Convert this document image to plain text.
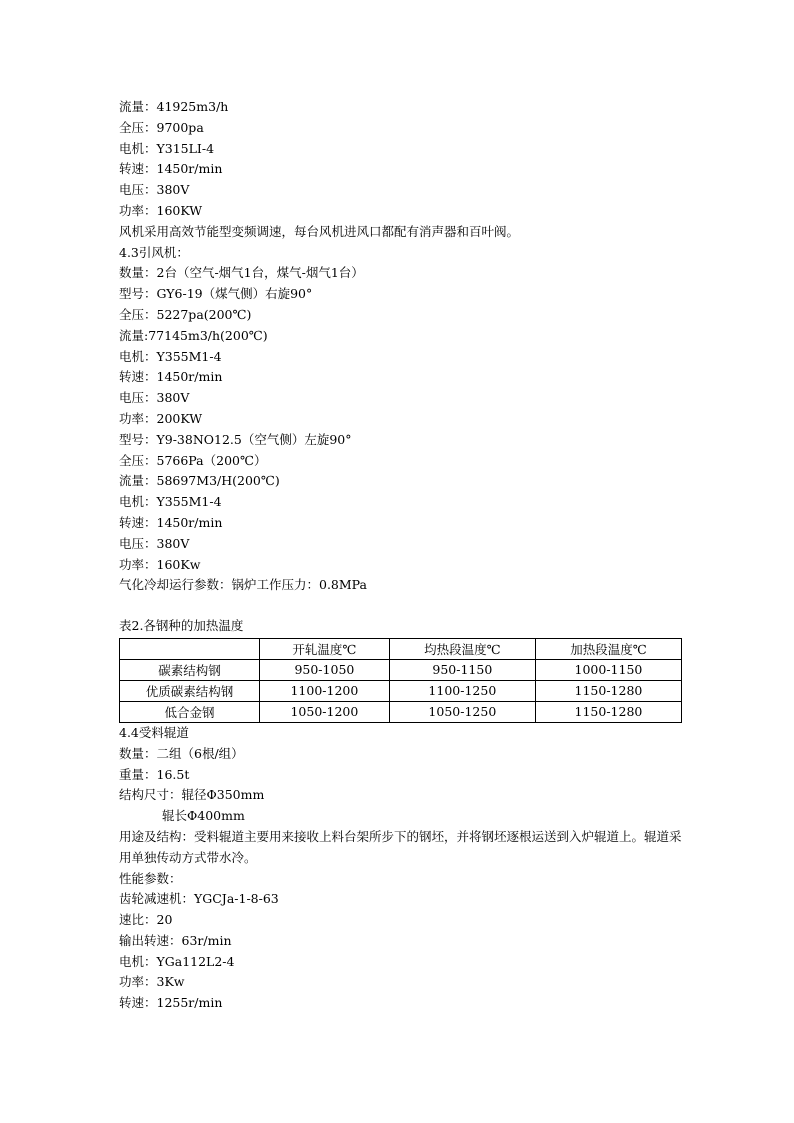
流量：41925m3/h
全压：9700pa
电机：Y315LI-4
转速：1450r/min
电压：380V
功率：160KW
风机采用高效节能型变频调速，每台风机进风口都配有消声器和百叶阀。
4.3引风机：
数量：2台（空气-烟气1台，煤气-烟气1台）
型号：GY6-19（煤气侧）右旋90°
全压：5227pa(200℃)
流量:77145m3/h(200℃)
电机：Y355M1-4
转速：1450r/min
电压：380V
功率：200KW
型号：Y9-38NO12.5（空气侧）左旋90°
全压：5766Pa（200℃）
流量：58697M3/H(200℃)
电机：Y355M1-4
转速：1450r/min
电压：380V
功率：160Kw
气化冷却运行参数：锅炉工作压力：0.8MPa
表2.各钢种的加热温度
	开轧温度℃	均热段温度℃	加热段温度℃
碳素结构钢	950-1050	950-1150	1000-1150
优质碳素结构钢	1100-1200	1100-1250	1150-1280
低合金钢	1050-1200	1050-1250	1150-1280
4.4受料辊道
数量：二组（6根/组）
重量：16.5t
结构尺寸：辊径Φ350mm
辊长Φ400mm
用途及结构：受料辊道主要用来接收上料台架所步下的钢坯，并将钢坯逐根运送到入炉辊道上。辊道采用单独传动方式带水冷。
性能参数：
齿轮减速机：YGCJa-1-8-63
速比：20
输出转速：63r/min
电机：YGa112L2-4
功率：3Kw
转速：1255r/min
